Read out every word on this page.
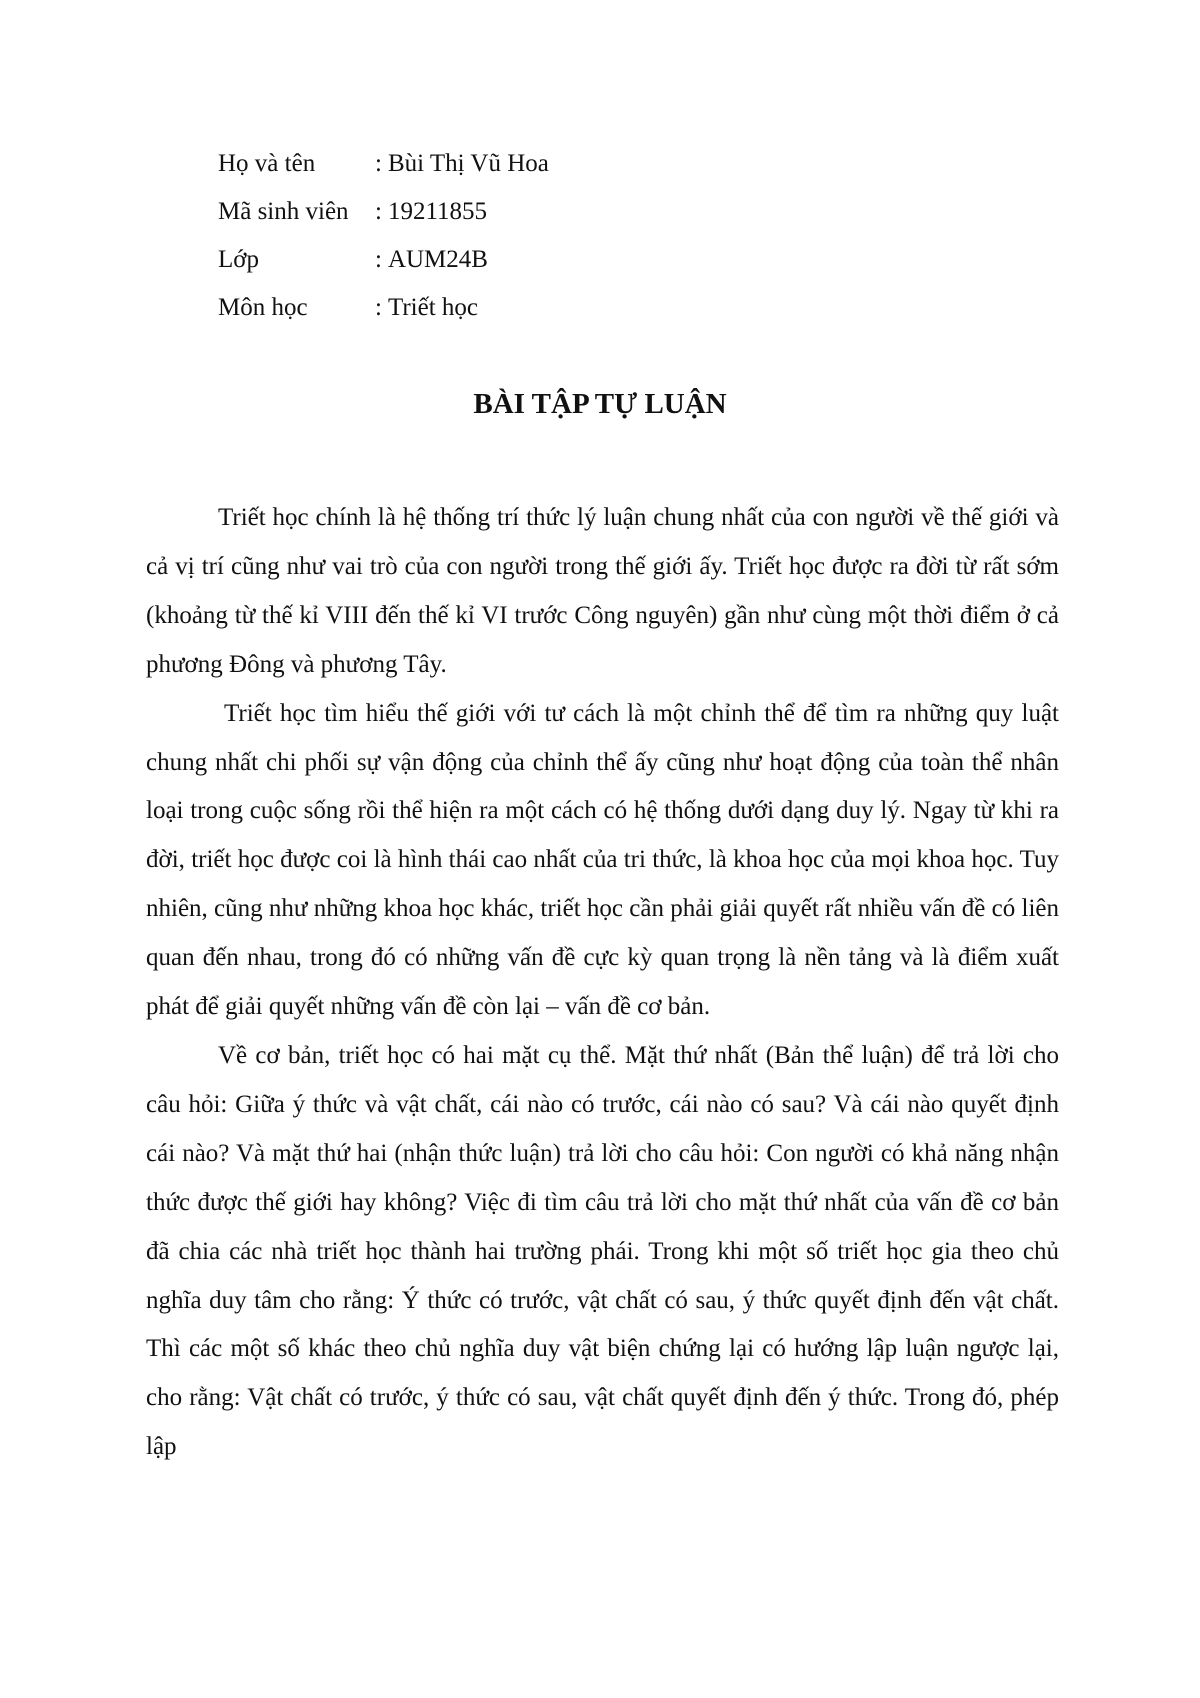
Họ và tên	: Bùi Thị Vũ Hoa
Mã sinh viên	: 19211855
Lớp	: AUM24B
Môn học	: Triết học
BÀI TẬP TỰ LUẬN

Triết học chính là hệ thống trí thức lý luận chung nhất của con người về thế giới và cả vị trí cũng như vai trò của con người trong thế giới ấy. Triết học được ra đời từ rất sớm (khoảng từ thế kỉ VIII đến thế kỉ VI trước Công nguyên) gần như cùng một thời điểm ở cả phương Đông và phương Tây.

Triết học tìm hiểu thế giới với tư cách là một chỉnh thể để tìm ra những quy luật chung nhất chi phối sự vận động của chỉnh thể ấy cũng như hoạt động của toàn thể nhân loại trong cuộc sống rồi thể hiện ra một cách có hệ thống dưới dạng duy lý. Ngay từ khi ra đời, triết học được coi là hình thái cao nhất của tri thức, là khoa học của mọi khoa học. Tuy nhiên, cũng như những khoa học khác, triết học cần phải giải quyết rất nhiều vấn đề có liên quan đến nhau, trong đó có những vấn đề cực kỳ quan trọng là nền tảng và là điểm xuất phát để giải quyết những vấn đề còn lại – vấn đề cơ bản.

Về cơ bản, triết học có hai mặt cụ thể. Mặt thứ nhất (Bản thể luận) để trả lời cho câu hỏi: Giữa ý thức và vật chất, cái nào có trước, cái nào có sau? Và cái nào quyết định cái nào? Và mặt thứ hai (nhận thức luận) trả lời cho câu hỏi: Con người có khả năng nhận thức được thế giới hay không? Việc đi tìm câu trả lời cho mặt thứ nhất của vấn đề cơ bản đã chia các nhà triết học thành hai trường phái. Trong khi một số triết học gia theo chủ nghĩa duy tâm cho rằng: Ý thức có trước, vật chất có sau, ý thức quyết định đến vật chất. Thì các một số khác theo chủ nghĩa duy vật biện chứng lại có hướng lập luận ngược lại, cho rằng: Vật chất có trước, ý thức có sau, vật chất quyết định đến ý thức. Trong đó, phép lập
